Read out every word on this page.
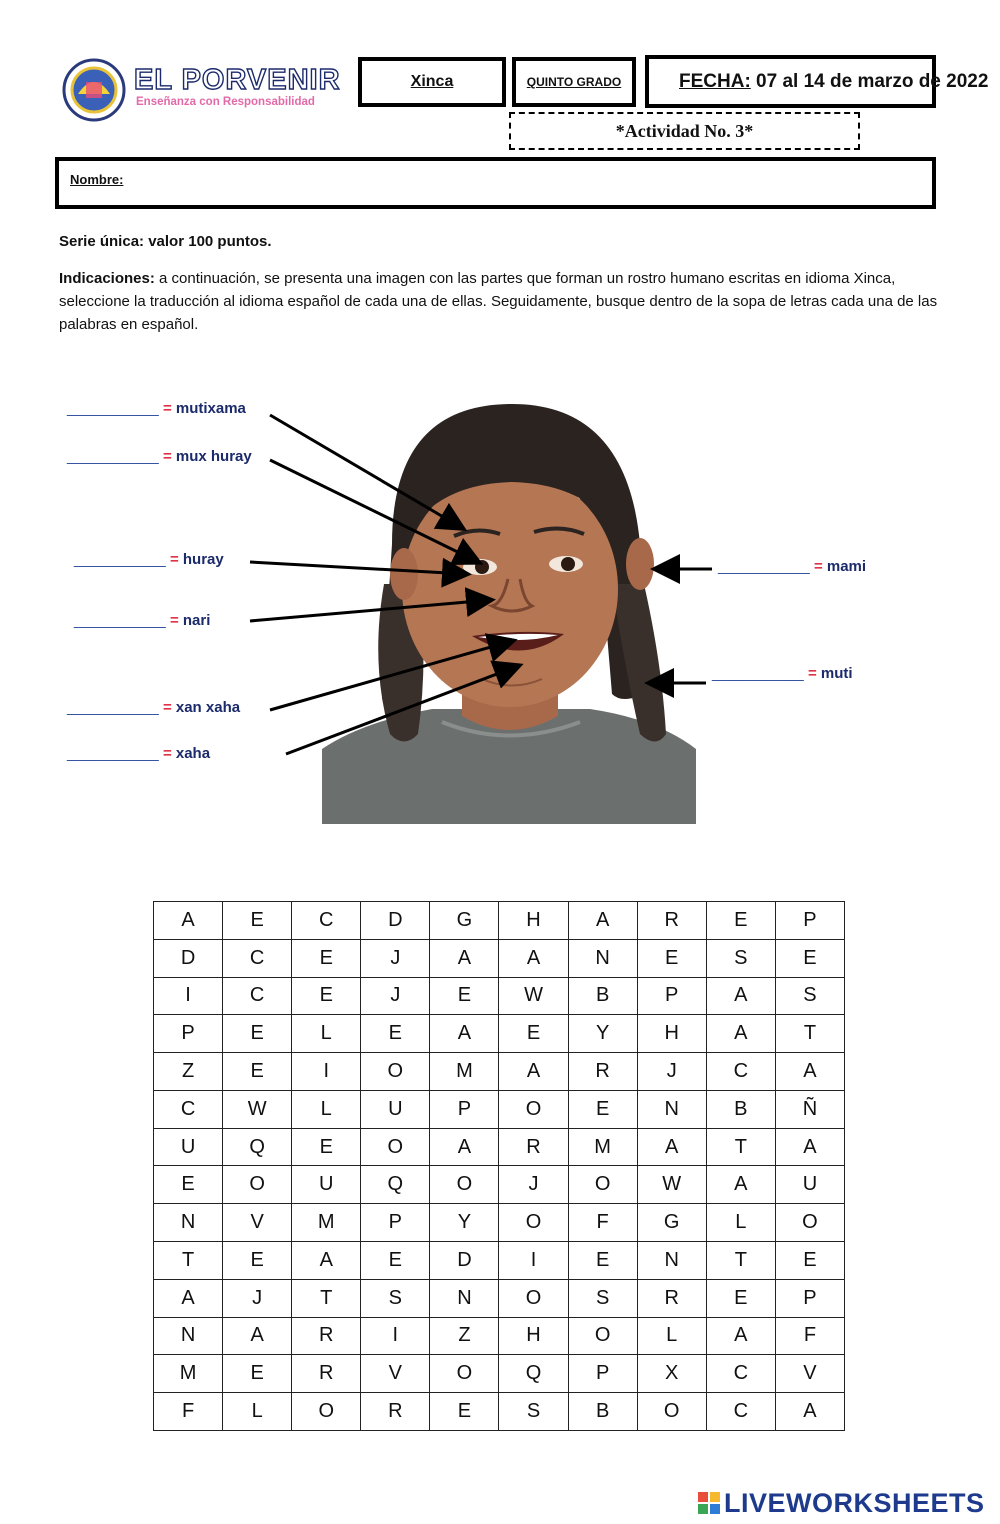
EL PORVENIR
Enseñanza con Responsabilidad
Xinca	QUINTO GRADO	FECHA: 07 al 14 de marzo de 2022
*Actividad No. 3*
Nombre:
Serie única: valor 100 puntos.
Indicaciones: a continuación, se presenta una imagen con las partes que forman un rostro humano escritas en idioma Xinca, seleccione la traducción al idioma español de cada una de ellas. Seguidamente, busque dentro de la sopa de letras cada una de las palabras en español.
___________ = mutixama
___________ = mux huray
___________ = huray
___________ = nari
___________ = xan xaha
___________ = xaha
___________ = mami
___________ = muti
A	E	C	D	G	H	A	R	E	P
D	C	E	J	A	A	N	E	S	E
I	C	E	J	E	W	B	P	A	S
P	E	L	E	A	E	Y	H	A	T
Z	E	I	O	M	A	R	J	C	A
C	W	L	U	P	O	E	N	B	Ñ
U	Q	E	O	A	R	M	A	T	A
E	O	U	Q	O	J	O	W	A	U
N	V	M	P	Y	O	F	G	L	O
T	E	A	E	D	I	E	N	T	E
A	J	T	S	N	O	S	R	E	P
N	A	R	I	Z	H	O	L	A	F
M	E	R	V	O	Q	P	X	C	V
F	L	O	R	E	S	B	O	C	A
LIVEWORKSHEETS
